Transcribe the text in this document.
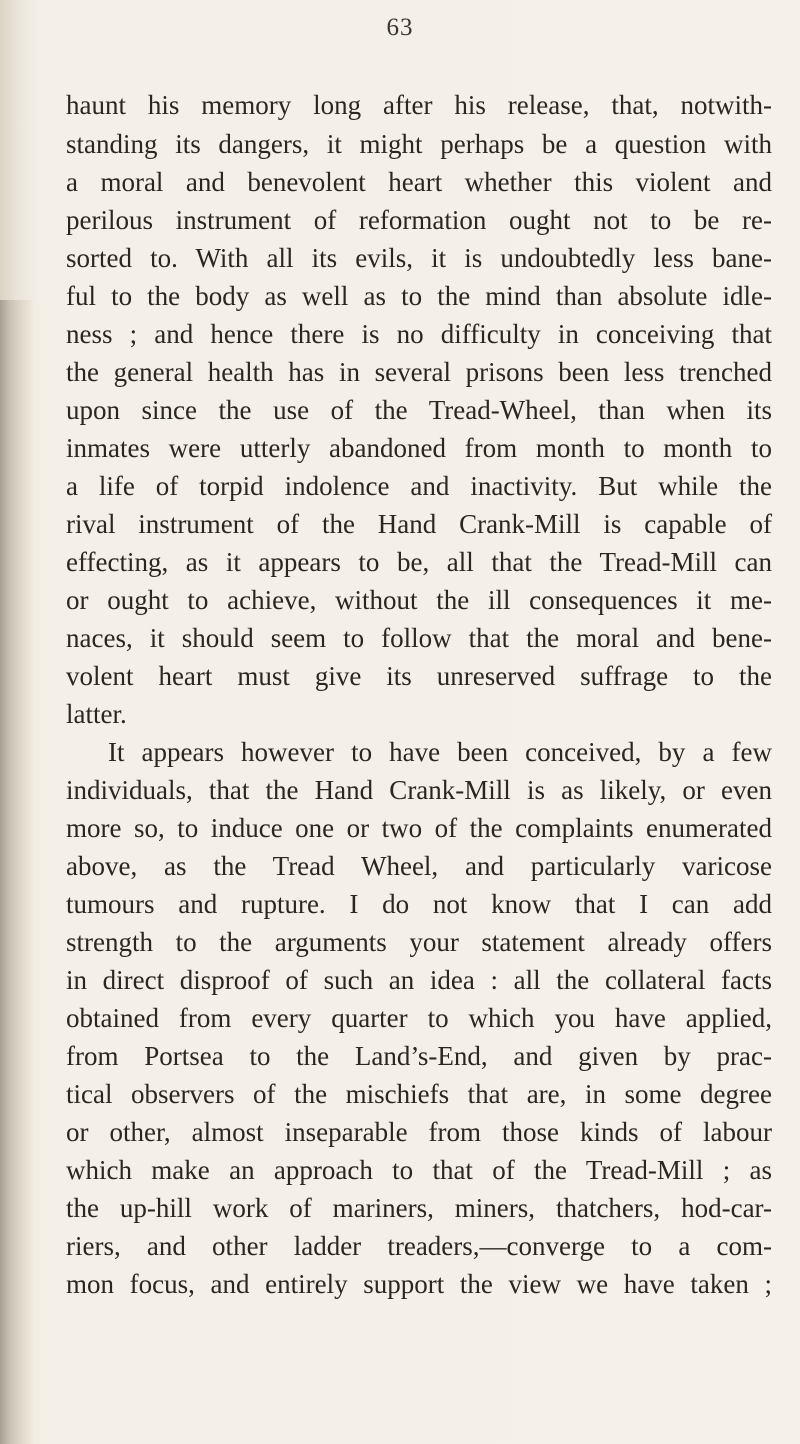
63
haunt his memory long after his release, that, notwith-
standing its dangers, it might perhaps be a question with
a moral and benevolent heart whether this violent and
perilous instrument of reformation ought not to be re-
sorted to. With all its evils, it is undoubtedly less bane-
ful to the body as well as to the mind than absolute idle-
ness ; and hence there is no difficulty in conceiving that
the general health has in several prisons been less trenched
upon since the use of the Tread-Wheel, than when its
inmates were utterly abandoned from month to month to
a life of torpid indolence and inactivity. But while the
rival instrument of the Hand Crank-Mill is capable of
effecting, as it appears to be, all that the Tread-Mill can
or ought to achieve, without the ill consequences it me-
naces, it should seem to follow that the moral and bene-
volent heart must give its unreserved suffrage to the
latter.
It appears however to have been conceived, by a few
individuals, that the Hand Crank-Mill is as likely, or even
more so, to induce one or two of the complaints enumerated
above, as the Tread Wheel, and particularly varicose
tumours and rupture. I do not know that I can add
strength to the arguments your statement already offers
in direct disproof of such an idea : all the collateral facts
obtained from every quarter to which you have applied,
from Portsea to the Land’s-End, and given by prac-
tical observers of the mischiefs that are, in some degree
or other, almost inseparable from those kinds of labour
which make an approach to that of the Tread-Mill ; as
the up-hill work of mariners, miners, thatchers, hod-car-
riers, and other ladder treaders,—converge to a com-
mon focus, and entirely support the view we have taken ;
